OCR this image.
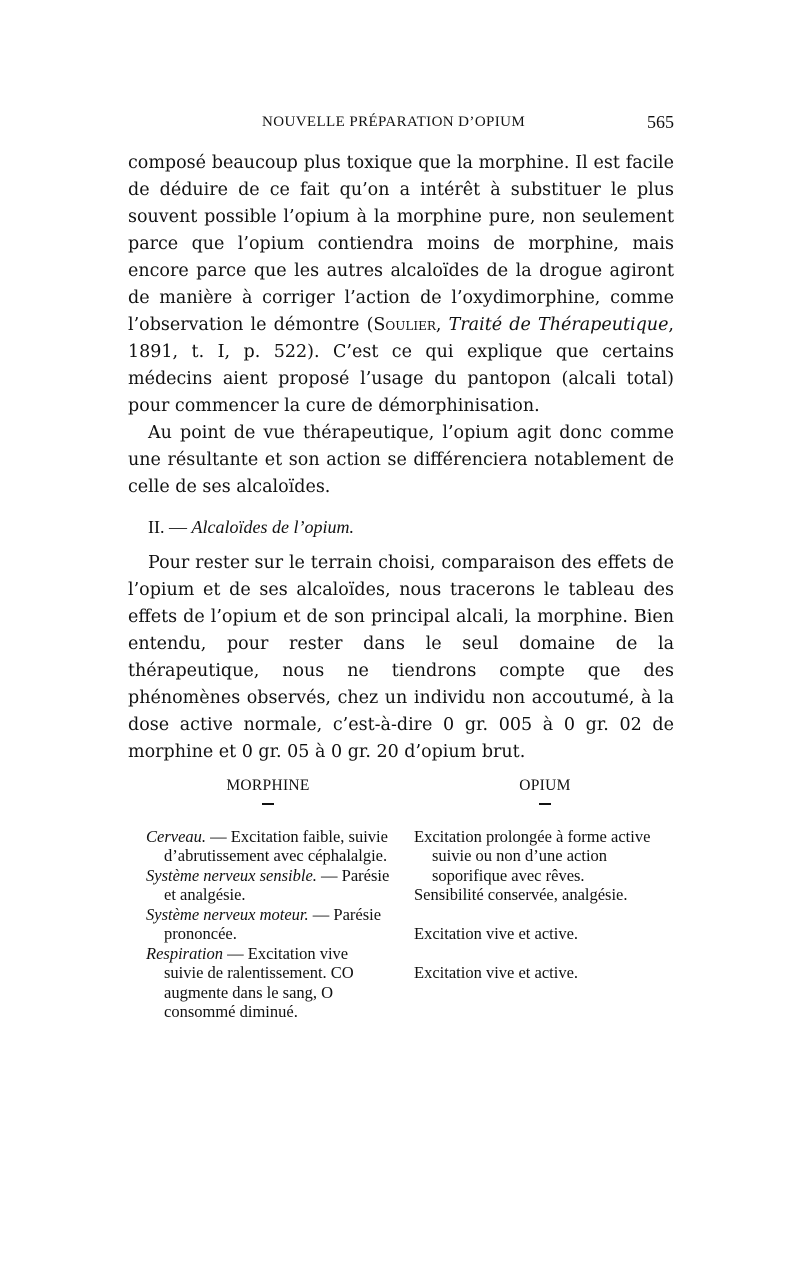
NOUVELLE PRÉPARATION D’OPIUM	565

composé beaucoup plus toxique que la morphine. Il est facile de déduire de ce fait qu’on a intérêt à substituer le plus souvent possible l’opium à la morphine pure, non seulement parce que l’opium contiendra moins de morphine, mais encore parce que les autres alcaloïdes de la drogue agiront de manière à corriger l’action de l’oxydimorphine, comme l’observation le démontre (Soulier, Traité de Thérapeutique, 1891, t. I, p. 522). C’est ce qui explique que certains médecins aient proposé l’usage du pantopon (alcali total) pour commencer la cure de démorphinisation.

Au point de vue thérapeutique, l’opium agit donc comme une résultante et son action se différenciera notablement de celle de ses alcaloïdes.

II. — Alcaloïdes de l’opium.

Pour rester sur le terrain choisi, comparaison des effets de l’opium et de ses alcaloïdes, nous tracerons le tableau des effets de l’opium et de son principal alcali, la morphine. Bien entendu, pour rester dans le seul domaine de la thérapeutique, nous ne tiendrons compte que des phénomènes observés, chez un individu non accoutumé, à la dose active normale, c’est-à-dire 0 gr. 005 à 0 gr. 02 de morphine et 0 gr. 05 à 0 gr. 20 d’opium brut.

MORPHINE
Cerveau. — Excitation faible, suivie d’abrutissement avec céphalalgie.
Système nerveux sensible. — Parésie et analgésie.
Système nerveux moteur. — Parésie prononcée.
Respiration — Excitation vive suivie de ralentissement. CO augmente dans le sang, O consommé diminué.
OPIUM
Excitation prolongée à forme active suivie ou non d’une action soporifique avec rêves.
Sensibilité conservée, analgésie.
Excitation vive et active.
Excitation vive et active.
